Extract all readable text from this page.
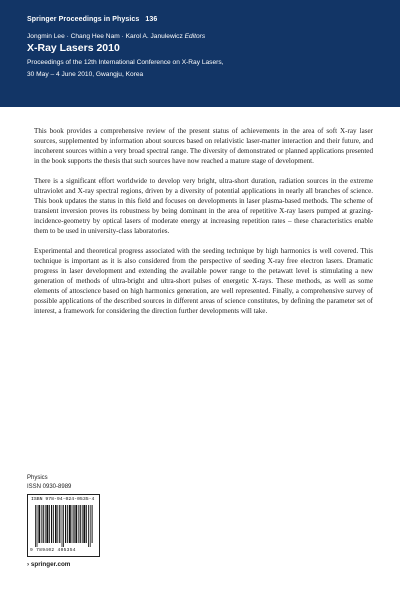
Springer Proceedings in Physics 136
Jongmin Lee · Chang Hee Nam · Karol A. Janulewicz Editors
X-Ray Lasers 2010
Proceedings of the 12th International Conference on X-Ray Lasers,
30 May – 4 June 2010, Gwangju, Korea

This book provides a comprehensive review of the present status of achievements in the area of soft X-ray laser sources, supplemented by information about sources based on relativistic laser-matter interaction and their future, and incoherent sources within a very broad spectral range. The diversity of demonstrated or planned applications presented in the book supports the thesis that such sources have now reached a mature stage of development.

There is a significant effort worldwide to develop very bright, ultra-short duration, radiation sources in the extreme ultraviolet and X-ray spectral regions, driven by a diversity of potential applications in nearly all branches of science. This book updates the status in this field and focuses on developments in laser plasma-based methods. The scheme of transient inversion proves its robustness by being dominant in the area of repetitive X-ray lasers pumped at grazing-incidence-geometry by optical lasers of moderate energy at increasing repetition rates – these characteristics enable them to be used in university-class laboratories.

Experimental and theoretical progress associated with the seeding technique by high harmonics is well covered. This technique is important as it is also considered from the perspective of seeding X-ray free electron lasers. Dramatic progress in laser development and extending the available power range to the petawatt level is stimulating a new generation of methods of ultra-bright and ultra-short pulses of energetic X-rays. These methods, as well as some elements of attoscience based on high harmonics generation, are well represented. Finally, a comprehensive survey of possible applications of the described sources in different areas of science constitutes, by defining the parameter set of interest, a framework for considering the direction further developments will take.

Physics
ISSN 0930-8989
ISBN 978-94-024-0535-4
9 789402 405354
› springer.com
